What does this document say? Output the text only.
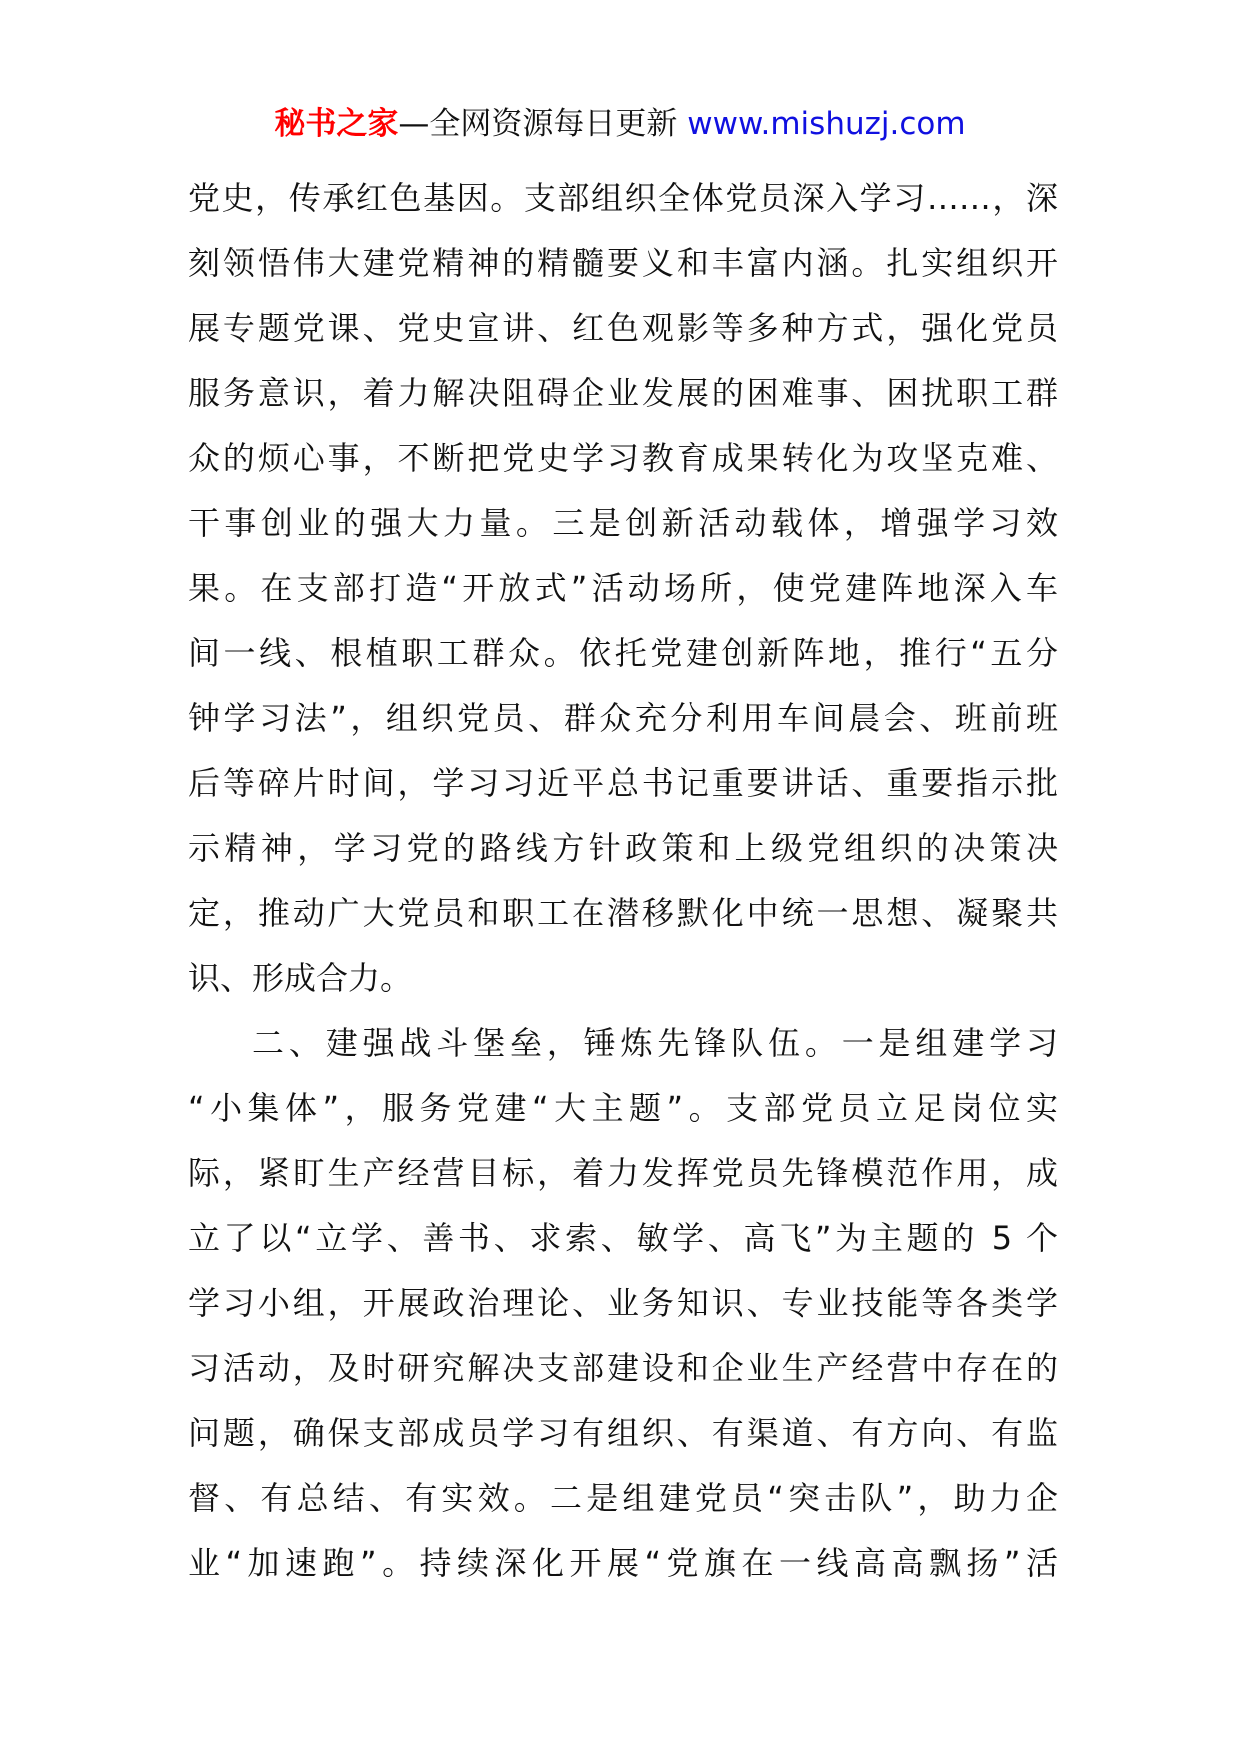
秘书之家—全网资源每日更新 www.mishuzj.com
党史，传承红色基因。支部组织全体党员深入学习……，深
刻领悟伟大建党精神的精髓要义和丰富内涵。扎实组织开
展专题党课、党史宣讲、红色观影等多种方式，强化党员
服务意识，着力解决阻碍企业发展的困难事、困扰职工群
众的烦心事，不断把党史学习教育成果转化为攻坚克难、
干事创业的强大力量。三是创新活动载体，增强学习效
果。在支部打造“开放式”活动场所，使党建阵地深入车
间一线、根植职工群众。依托党建创新阵地，推行“五分
钟学习法”，组织党员、群众充分利用车间晨会、班前班
后等碎片时间，学习习近平总书记重要讲话、重要指示批
示精神，学习党的路线方针政策和上级党组织的决策决
定，推动广大党员和职工在潜移默化中统一思想、凝聚共
识、形成合力。
二、建强战斗堡垒，锤炼先锋队伍。一是组建学习
“小集体”，服务党建“大主题”。支部党员立足岗位实
际，紧盯生产经营目标，着力发挥党员先锋模范作用，成
立了以“立学、善书、求索、敏学、高飞”为主题的 5 个
学习小组，开展政治理论、业务知识、专业技能等各类学
习活动，及时研究解决支部建设和企业生产经营中存在的
问题，确保支部成员学习有组织、有渠道、有方向、有监
督、有总结、有实效。二是组建党员“突击队”，助力企
业“加速跑”。持续深化开展“党旗在一线高高飘扬”活
